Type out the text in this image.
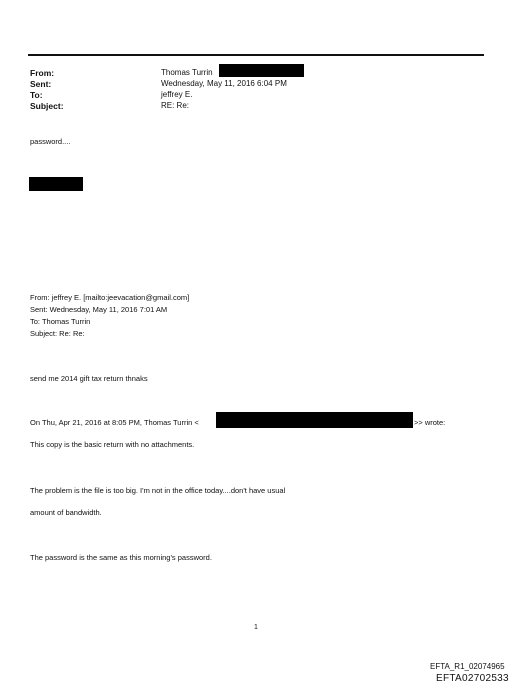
From:	Thomas Turrin
Sent:	Wednesday, May 11, 2016 6:04 PM
To:	jeffrey E.
Subject:	RE: Re:
password....
From: jeffrey E. [mailto:jeevacation@gmail.com]
Sent: Wednesday, May 11, 2016 7:01 AM
To: Thomas Turrin
Subject: Re: Re:
send me 2014 gift tax return thnaks
On Thu, Apr 21, 2016 at 8:05 PM, Thomas Turrin <	>> wrote:
This copy is the basic return with no attachments.
The problem is the file is too big. I'm not in the office today....don't have usual
amount of bandwidth.
The password is the same as this morning's password.
1
EFTA_R1_02074965
EFTA02702533
